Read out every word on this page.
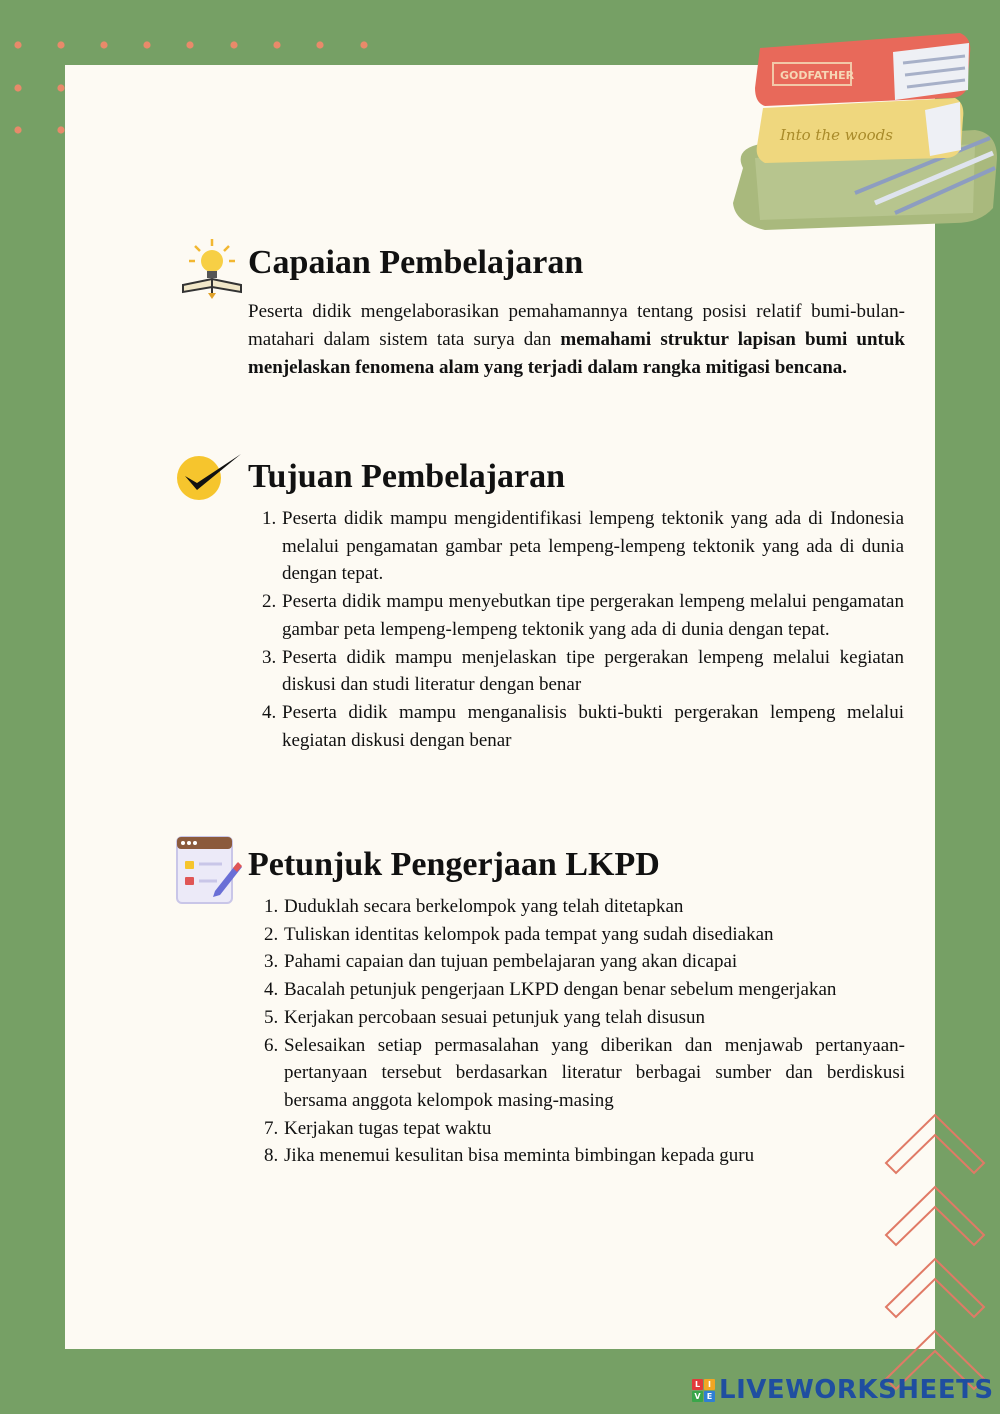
Into the woods
GODFATHER
Capaian Pembelajaran

Peserta didik mengelaborasikan pemahamannya tentang posisi relatif bumi-bulan-matahari dalam sistem tata surya dan memahami struktur lapisan bumi untuk menjelaskan fenomena alam yang terjadi dalam rangka mitigasi bencana.

Tujuan Pembelajaran
1. Peserta didik mampu mengidentifikasi lempeng tektonik yang ada di Indonesia melalui pengamatan gambar peta lempeng-lempeng tektonik yang ada di dunia dengan tepat.
2. Peserta didik mampu menyebutkan tipe pergerakan lempeng melalui pengamatan gambar peta lempeng-lempeng tektonik yang ada di dunia dengan tepat.
3. Peserta didik mampu menjelaskan tipe pergerakan lempeng melalui kegiatan diskusi dan studi literatur dengan benar
4. Peserta didik mampu menganalisis bukti-bukti pergerakan lempeng melalui kegiatan diskusi dengan benar
Petunjuk Pengerjaan LKPD
1. Duduklah secara berkelompok yang telah ditetapkan
2. Tuliskan identitas kelompok pada tempat yang sudah disediakan
3. Pahami capaian dan tujuan pembelajaran yang akan dicapai
4. Bacalah petunjuk pengerjaan LKPD dengan benar sebelum mengerjakan
5. Kerjakan percobaan sesuai petunjuk yang telah disusun
6. Selesaikan setiap permasalahan yang diberikan dan menjawab pertanyaan-pertanyaan tersebut berdasarkan literatur berbagai sumber dan berdiskusi bersama anggota kelompok masing-masing
7. Kerjakan tugas tepat waktu
8. Jika menemui kesulitan bisa meminta bimbingan kepada guru
L I
V E LIVEWORKSHEETS
